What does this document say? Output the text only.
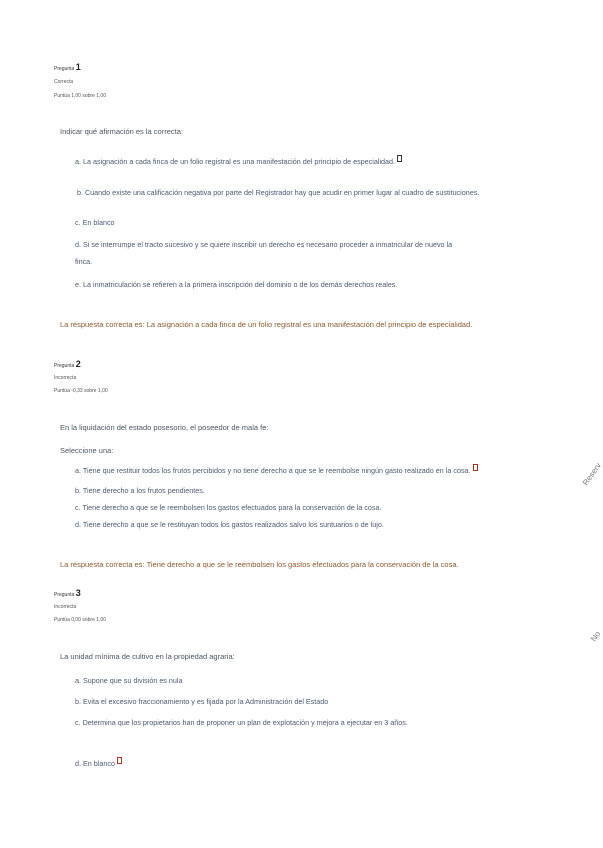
Pregunta 1
Correcta
Puntúa 1,00 sobre 1,00
Indicar qué afirmación es la correcta:
a. La asignación a cada finca de un folio registral es una manifestación del principio de especialidad.
b. Cuando existe una calificación negativa por parte del Registrador hay que acudir en primer lugar al cuadro de sustituciones.
c. En blanco
d. Si se interrumpe el tracto sucesivo y se quiere inscribir un derecho es necesario proceder a inmatricular de nuevo la
finca.
e. La inmatriculación se refieren a la primera inscripción del dominio o de los demás derechos reales.
La respuesta correcta es: La asignación a cada finca de un folio registral es una manifestación del principio de especialidad.
Pregunta 2
Incorrecta
Puntúa -0,33 sobre 1,00
En la liquidación del estado posesorio, el poseedor de mala fe:
Seleccione una:
a. Tiene que restituir todos los frutos percibidos y no tiene derecho a que se le reembolse ningún gasto realizado en la cosa.
b. Tiene derecho a los frutos pendientes.
c. Tiene derecho a que se le reembolsen los gastos efectuados para la conservación de la cosa.
d. Tiene derecho a que se le restituyan todos los gastos realizados salvo los suntuarios o de lujo.
La respuesta correcta es: Tiene derecho a que se le reembolsen los gastos efectuados para la conservación de la cosa.
Pregunta 3
Incorrecta
Puntúa 0,00 sobre 1,00
La unidad mínima de cultivo en la propiedad agraria:
a. Supone que su división es nula
b. Evita el excesivo fraccionamiento y es fijada por la Administración del Estado
c. Determina que los propietarios han de proponer un plan de explotación y mejora a ejecutar en 3 años.
d. En blanco
Reserv
No
